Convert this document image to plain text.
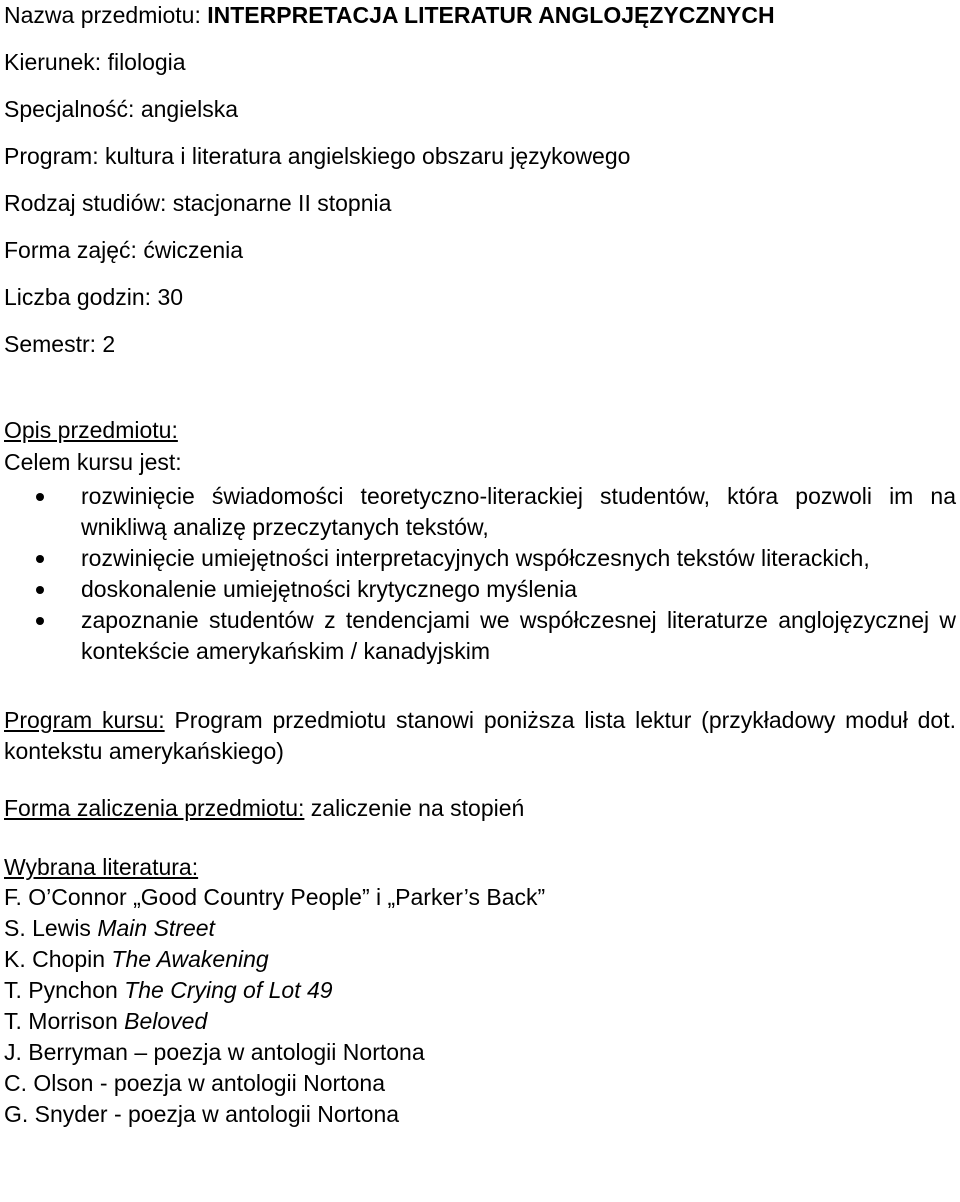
Nazwa przedmiotu: INTERPRETACJA LITERATUR ANGLOJĘZYCZNYCH
Kierunek: filologia
Specjalność: angielska
Program: kultura i literatura angielskiego obszaru językowego
Rodzaj studiów: stacjonarne II stopnia
Forma zajęć: ćwiczenia
Liczba godzin: 30
Semestr: 2
Opis przedmiotu:
Celem kursu jest:
rozwinięcie świadomości teoretyczno-literackiej studentów, która pozwoli im na wnikliwą analizę przeczytanych tekstów,
rozwinięcie umiejętności interpretacyjnych współczesnych tekstów literackich,
doskonalenie umiejętności krytycznego myślenia
zapoznanie studentów z tendencjami we współczesnej literaturze anglojęzycznej w kontekście amerykańskim / kanadyjskim
Program kursu: Program przedmiotu stanowi poniższa lista lektur (przykładowy moduł dot. kontekstu amerykańskiego)
Forma zaliczenia przedmiotu: zaliczenie na stopień
Wybrana literatura:
F. O’Connor „Good Country People” i „Parker’s Back”
S. Lewis Main Street
K. Chopin The Awakening
T. Pynchon The Crying of Lot 49
T. Morrison Beloved
J. Berryman – poezja w antologii Nortona
C. Olson - poezja w antologii Nortona
G. Snyder - poezja w antologii Nortona
